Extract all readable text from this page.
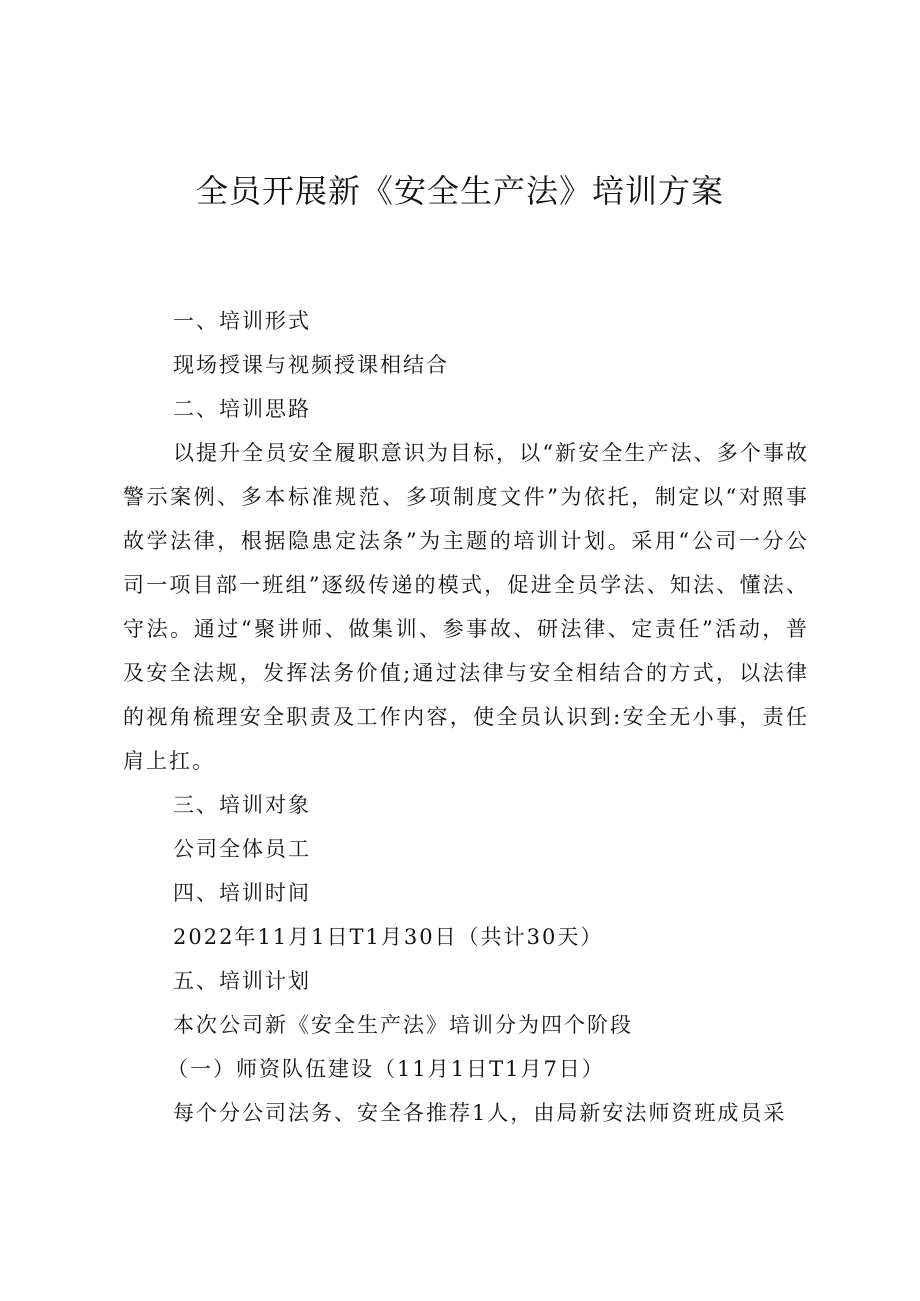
全员开展新《安全生产法》培训方案

一、培训形式

现场授课与视频授课相结合

二、培训思路

以提升全员安全履职意识为目标，以“新安全生产法、多个事故警示案例、多本标准规范、多项制度文件”为依托，制定以“对照事故学法律，根据隐患定法条”为主题的培训计划。采用“公司一分公司一项目部一班组”逐级传递的模式，促进全员学法、知法、懂法、守法。通过“聚讲师、做集训、参事故、研法律、定责任”活动，普及安全法规，发挥法务价值;通过法律与安全相结合的方式，以法律的视角梳理安全职责及工作内容，使全员认识到:安全无小事，责任肩上扛。

三、培训对象

公司全体员工

四、培训时间

2022年11月1日T1月30日（共计30天）

五、培训计划

本次公司新《安全生产法》培训分为四个阶段

（一）师资队伍建设（11月1日T1月7日）

每个分公司法务、安全各推荐1人，由局新安法师资班成员采
